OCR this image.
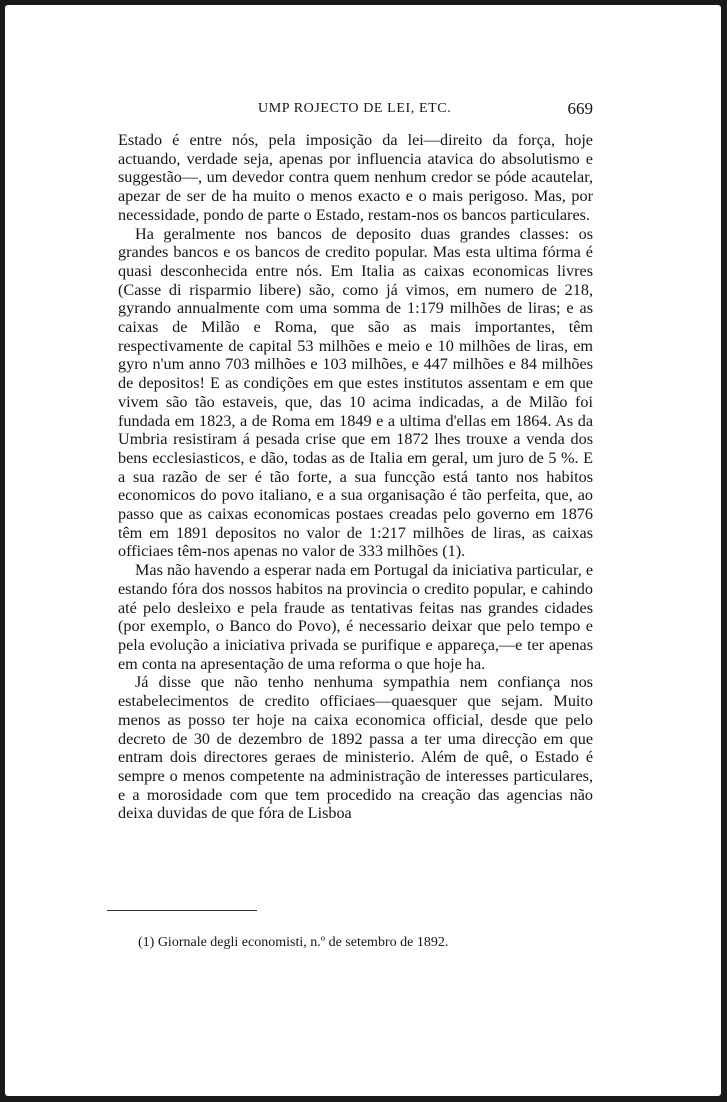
UMP ROJECTO DE LEI, ETC.	669

Estado é entre nós, pela imposição da lei—direito da força, hoje actuando, verdade seja, apenas por influencia atavica do absolutismo e suggestão—, um devedor contra quem nenhum credor se póde acautelar, apezar de ser de ha muito o menos exacto e o mais perigoso. Mas, por necessidade, pondo de parte o Estado, restam-nos os bancos particulares.

Ha geralmente nos bancos de deposito duas grandes classes: os grandes bancos e os bancos de credito popular. Mas esta ultima fórma é quasi desconhecida entre nós. Em Italia as caixas economicas livres (Casse di risparmio libere) são, como já vimos, em numero de 218, gyrando annualmente com uma somma de 1:179 milhões de liras; e as caixas de Milão e Roma, que são as mais importantes, têm respectivamente de capital 53 milhões e meio e 10 milhões de liras, em gyro n'um anno 703 milhões e 103 milhões, e 447 milhões e 84 milhões de depositos! E as condições em que estes institutos assentam e em que vivem são tão estaveis, que, das 10 acima indicadas, a de Milão foi fundada em 1823, a de Roma em 1849 e a ultima d'ellas em 1864. As da Umbria resistiram á pesada crise que em 1872 lhes trouxe a venda dos bens ecclesiasticos, e dão, todas as de Italia em geral, um juro de 5 %. E a sua razão de ser é tão forte, a sua funcção está tanto nos habitos economicos do povo italiano, e a sua organisação é tão perfeita, que, ao passo que as caixas economicas postaes creadas pelo governo em 1876 têm em 1891 depositos no valor de 1:217 milhões de liras, as caixas officiaes têm-nos apenas no valor de 333 milhões (1).

Mas não havendo a esperar nada em Portugal da iniciativa particular, e estando fóra dos nossos habitos na provincia o credito popular, e cahindo até pelo desleixo e pela fraude as tentativas feitas nas grandes cidades (por exemplo, o Banco do Povo), é necessario deixar que pelo tempo e pela evolução a iniciativa privada se purifique e appareça,—e ter apenas em conta na apresentação de uma reforma o que hoje ha.

Já disse que não tenho nenhuma sympathia nem confiança nos estabelecimentos de credito officiaes—quaesquer que sejam. Muito menos as posso ter hoje na caixa economica official, desde que pelo decreto de 30 de dezembro de 1892 passa a ter uma direcção em que entram dois directores geraes de ministerio. Além de quê, o Estado é sempre o menos competente na administração de interesses particulares, e a morosidade com que tem procedido na creação das agencias não deixa duvidas de que fóra de Lisboa

(1) Giornale degli economisti, n.º de setembro de 1892.
